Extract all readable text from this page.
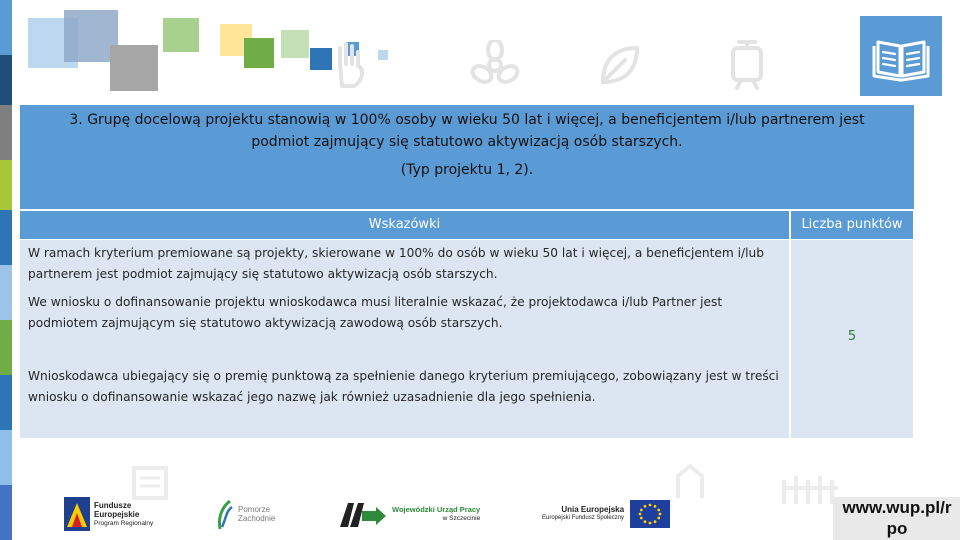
3. Grupę docelową projektu stanowią w 100% osoby w wieku 50 lat i więcej, a beneficjentem i/lub partnerem jest
podmiot zajmujący się statutowo aktywizacją osób starszych.
(Typ projektu 1, 2).
Wskazówki	Liczba punktów

W ramach kryterium premiowane są projekty, skierowane w 100% do osób w wieku 50 lat i więcej, a beneficjentem i/lub partnerem jest podmiot zajmujący się statutowo aktywizacją osób starszych.

We wniosku o dofinansowanie projektu wnioskodawca musi literalnie wskazać, że projektodawca i/lub Partner jest podmiotem zajmującym się statutowo aktywizacją zawodową osób starszych.

Wnioskodawca ubiegający się o premię punktową za spełnienie danego kryterium premiującego, zobowiązany jest w treści wniosku o dofinansowanie wskazać jego nazwę jak również uzasadnienie dla jego spełnienia.

5
Fundusze
Europejskie
Program Regionalny
Pomorze
Zachodnie
Wojewódzki Urząd Pracy
w Szczecinie
Unia Europejska
Europejski Fundusz Społeczny
www.wup.pl/r po
